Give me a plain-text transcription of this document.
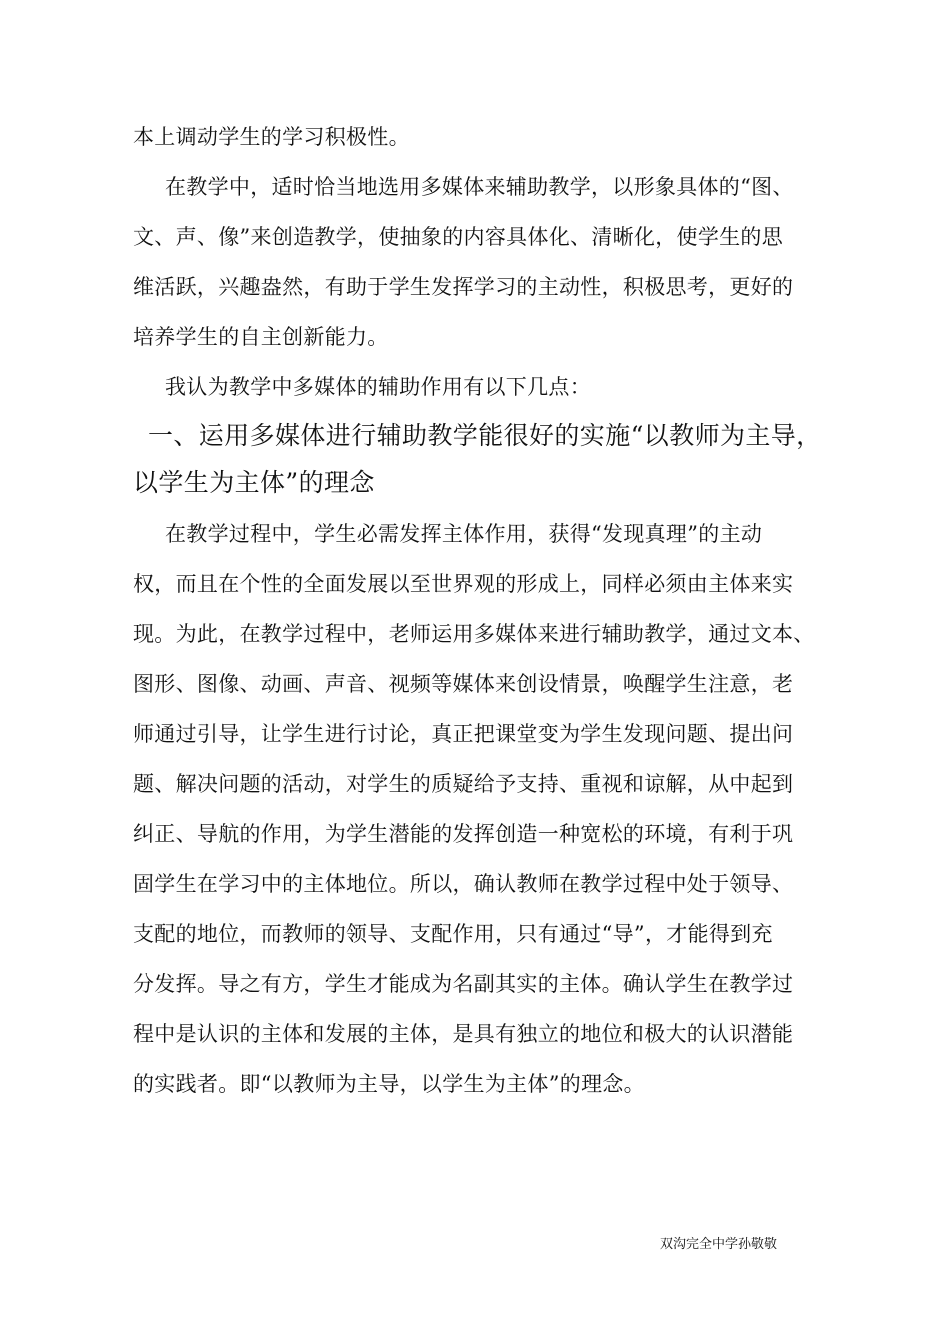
本上调动学生的学习积极性。
在教学中，适时恰当地选用多媒体来辅助教学，以形象具体的“图、
文、声、像”来创造教学，使抽象的内容具体化、清晰化，使学生的思
维活跃，兴趣盎然，有助于学生发挥学习的主动性，积极思考，更好的
培养学生的自主创新能力。
我认为教学中多媒体的辅助作用有以下几点：
一、运用多媒体进行辅助教学能很好的实施“以教师为主导，
以学生为主体”的理念
在教学过程中，学生必需发挥主体作用，获得“发现真理”的主动
权，而且在个性的全面发展以至世界观的形成上，同样必须由主体来实
现。为此，在教学过程中，老师运用多媒体来进行辅助教学，通过文本、
图形、图像、动画、声音、视频等媒体来创设情景，唤醒学生注意，老
师通过引导，让学生进行讨论，真正把课堂变为学生发现问题、提出问
题、解决问题的活动，对学生的质疑给予支持、重视和谅解，从中起到
纠正、导航的作用，为学生潜能的发挥创造一种宽松的环境，有利于巩
固学生在学习中的主体地位。所以，确认教师在教学过程中处于领导、
支配的地位，而教师的领导、支配作用，只有通过“导”，才能得到充
分发挥。导之有方，学生才能成为名副其实的主体。确认学生在教学过
程中是认识的主体和发展的主体，是具有独立的地位和极大的认识潜能
的实践者。即“以教师为主导，以学生为主体”的理念。
双沟完全中学孙敬敬
